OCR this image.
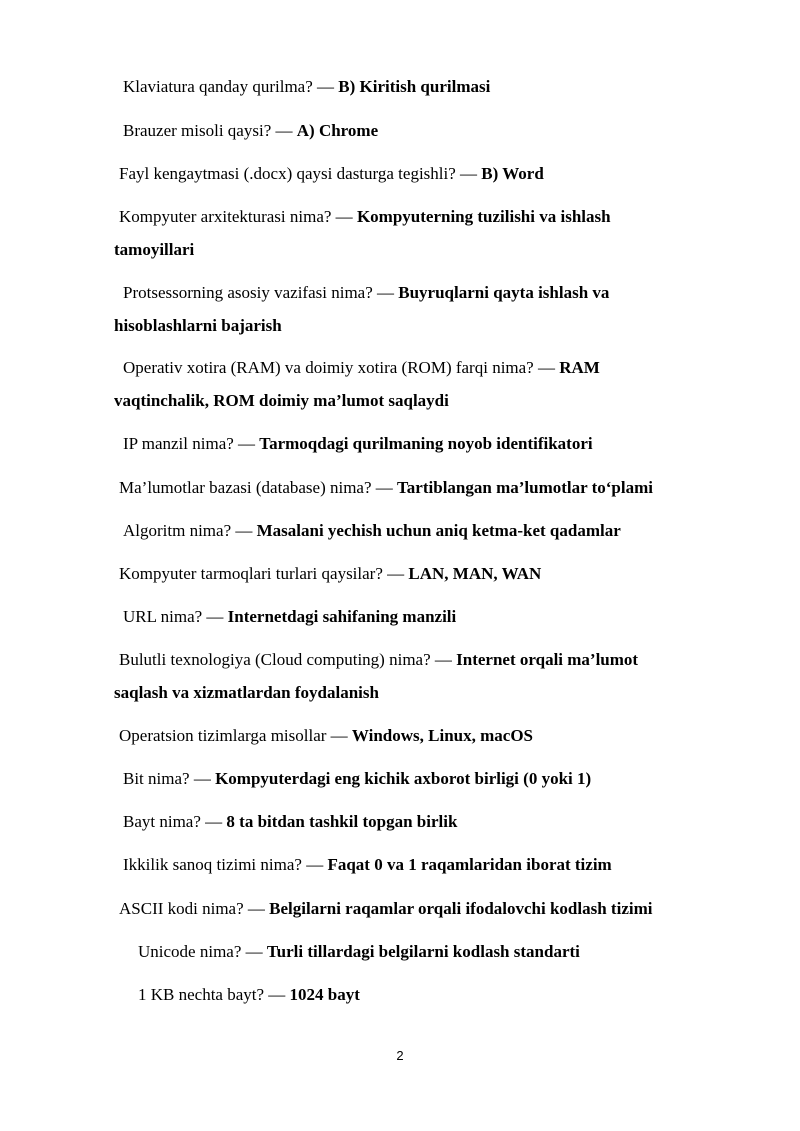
Klaviatura qanday qurilma? — B) Kiritish qurilmasi

Brauzer misoli qaysi? — A) Chrome

Fayl kengaytmasi (.docx) qaysi dasturga tegishli? — B) Word

Kompyuter arxitekturasi nima? — Kompyuterning tuzilishi va ishlash

tamoyillari

Protsessorning asosiy vazifasi nima? — Buyruqlarni qayta ishlash va

hisoblashlarni bajarish

Operativ xotira (RAM) va doimiy xotira (ROM) farqi nima? — RAM

vaqtinchalik, ROM doimiy ma’lumot saqlaydi

IP manzil nima? — Tarmoqdagi qurilmaning noyob identifikatori

Ma’lumotlar bazasi (database) nima? — Tartiblangan ma’lumotlar to‘plami

Algoritm nima? — Masalani yechish uchun aniq ketma-ket qadamlar

Kompyuter tarmoqlari turlari qaysilar? — LAN, MAN, WAN

URL nima? — Internetdagi sahifaning manzili

Bulutli texnologiya (Cloud computing) nima? — Internet orqali ma’lumot

saqlash va xizmatlardan foydalanish

Operatsion tizimlarga misollar — Windows, Linux, macOS

Bit nima? — Kompyuterdagi eng kichik axborot birligi (0 yoki 1)

Bayt nima? — 8 ta bitdan tashkil topgan birlik

Ikkilik sanoq tizimi nima? — Faqat 0 va 1 raqamlaridan iborat tizim

ASCII kodi nima? — Belgilarni raqamlar orqali ifodalovchi kodlash tizimi

Unicode nima? — Turli tillardagi belgilarni kodlash standarti

1 KB nechta bayt? — 1024 bayt

2
